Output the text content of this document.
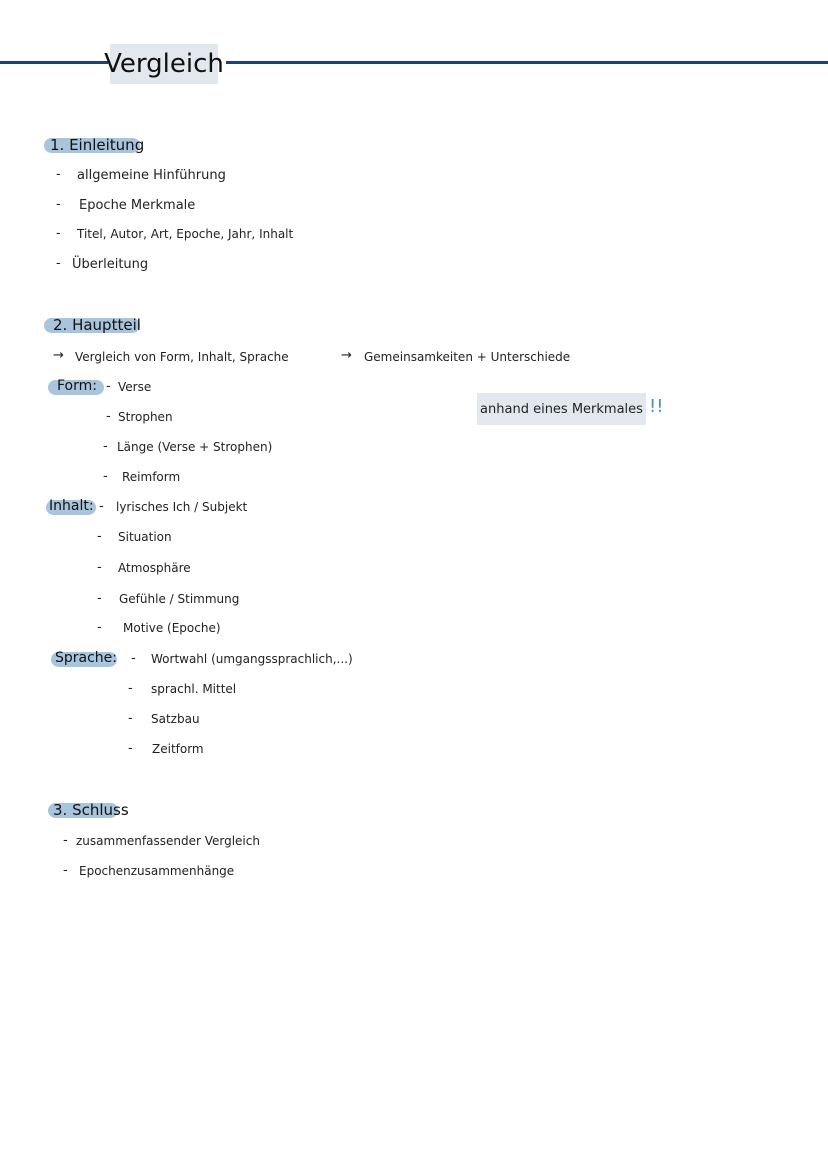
Vergleich
1. Einleitung
- allgemeine Hinführung
- Epoche Merkmale
- Titel, Autor, Art, Epoche, Jahr, Inhalt
- Überleitung
2. Hauptteil
→ Vergleich von Form, Inhalt, Sprache	→ Gemeinsamkeiten + Unterschiede
anhand eines Merkmales !!
Form: - Verse
- Strophen
- Länge (Verse + Strophen)
- Reimform
Inhalt: - lyrisches Ich / Subjekt
- Situation
- Atmosphäre
- Gefühle / Stimmung
- Motive (Epoche)
Sprache: - Wortwahl (umgangssprachlich,...)
- sprachl. Mittel
- Satzbau
- Zeitform
3. Schluss
- zusammenfassender Vergleich
- Epochenzusammenhänge
